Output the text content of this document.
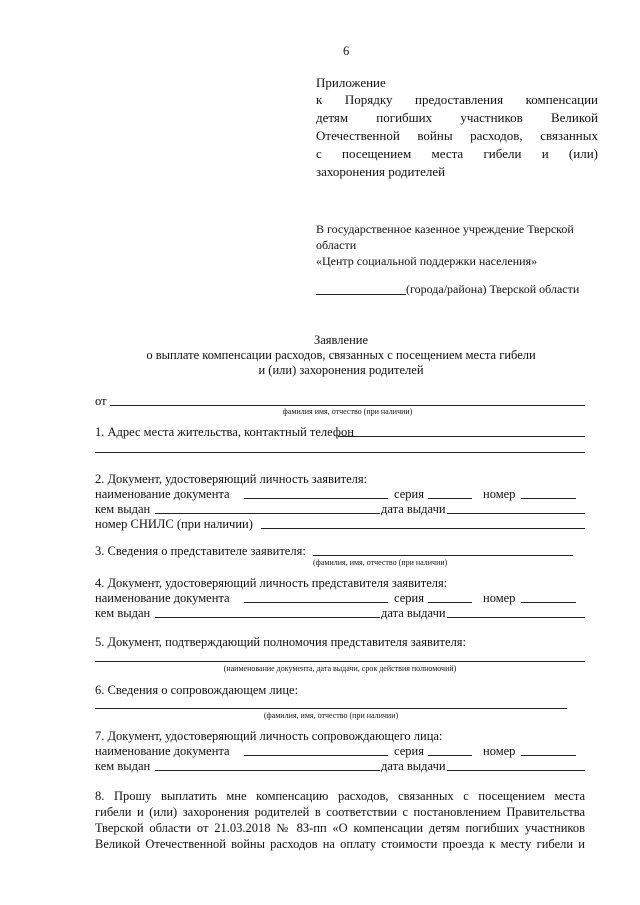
6
Приложение
к Порядку предоставления компенсации
детям погибших участников Великой
Отечественной войны расходов, связанных
с посещением места гибели и (или)
захоронения родителей
В государственное казенное учреждение Тверской
области
«Центр социальной поддержки населения»
(города/района) Тверской области
Заявление
о выплате компенсации расходов, связанных с посещением места гибели
и (или) захоронения родителей
от
фамилия имя, отчество (при наличии)
1. Адрес места жительства, контактный телефон
2. Документ, удостоверяющий личность заявителя:
наименование документа	серия	номер
кем выдан	дата выдачи
номер СНИЛС (при наличии)
3. Сведения о представителе заявителя:
(фамилия, имя, отчество (при наличии)
4. Документ, удостоверяющий личность представителя заявителя:
наименование документа	серия	номер
кем выдан	дата выдачи
5. Документ, подтверждающий полномочия представителя заявителя:
(наименование документа, дата выдачи, срок действия полномочий)
6. Сведения о сопровождающем лице:
(фамилия, имя, отчество (при наличии)
7. Документ, удостоверяющий личность сопровождающего лица:
наименование документа	серия	номер
кем выдан	дата выдачи
8. Прошу выплатить мне компенсацию расходов, связанных с посещением места
гибели и (или) захоронения родителей в соответствии с постановлением Правительства
Тверской области от 21.03.2018 № 83-пп «О компенсации детям погибших участников
Великой Отечественной войны расходов на оплату стоимости проезда к месту гибели и
